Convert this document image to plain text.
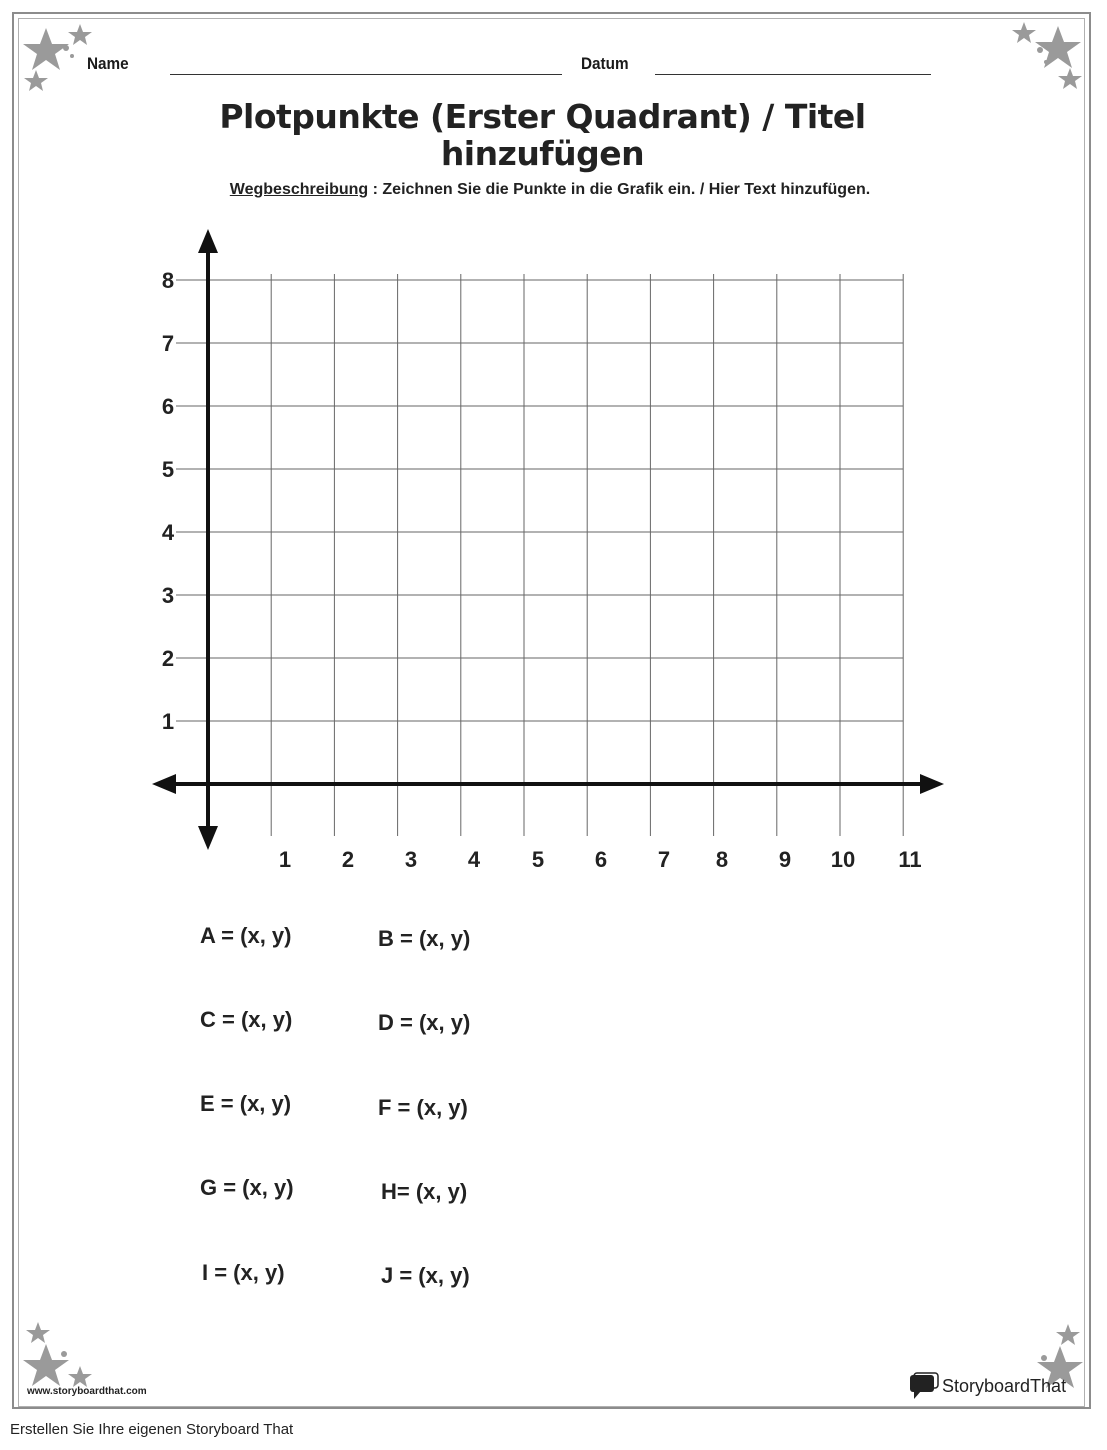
Name	Datum
Plotpunkte (Erster Quadrant) / Titel
hinzufügen
Wegbeschreibung : Zeichnen Sie die Punkte in die Grafik ein. / Hier Text hinzufügen.
1 2 3 4 5 6 7 8 9 10 11
1
2
3
4
5
6
7
8
A = (x, y)	B = (x, y)
C = (x, y)	D = (x, y)
E = (x, y)	F = (x, y)
G = (x, y)	H= (x, y)
I = (x, y)	J = (x, y)
www.storyboardthat.com	StoryboardThat
Erstellen Sie Ihre eigenen Storyboard That
